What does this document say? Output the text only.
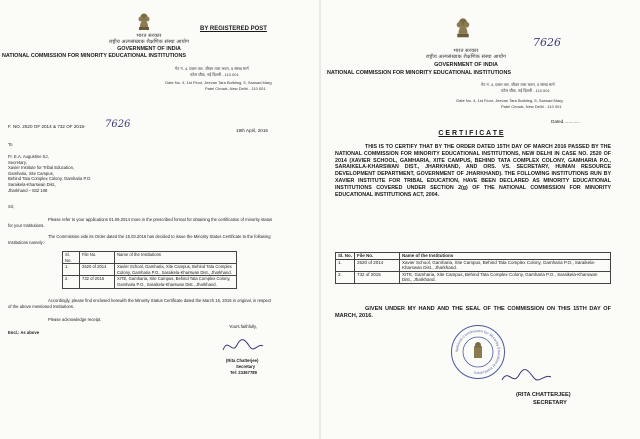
भारत सरकार
राष्ट्रीय अल्पसंख्यक शैक्षणिक संस्था आयोग
GOVERNMENT OF INDIA
NATIONAL COMMISSION FOR MINORITY EDUCATIONAL INSTITUTIONS
BY REGISTERED POST
गेट नं. 4, प्रथम तल, जीवन तारा भवन, 5 संसद मार्ग
पटेल चौक, नई दिल्ली - 110 001
Gate No. 4, 1st Floor, Jeevan Tara Building, 5, Sansad Marg
Patel Chowk, New Delhi - 110 001
F. NO. 2520 OF 2014 & 732 OF 2015- 7626
19th April, 2016
To
Fr. E.A. Augustine SJ,
Secretary,
Xavier Institute for Tribal Education,
Gamharia, Xite Campus,
Behind Tata Complex Colony, Gamharia P.O.
Saraikela-Kharswan Dist.,
Jharkhand – 832 108
Sir,
Please refer to your applications 01.09.2014 more in the prescribed format for obtaining the certification of minority status for your Institutions.
The Commission vide its Order dated the 15.03.2016 has decided to issue the Minority Status Certificate to the following Institutions namely:-
Sl. No.	File No.	Name of the Institutions
1.	2520 of 2014	Xavier School, Gamharia, Xite Campus, Behind Tata Complex Colony, Gamharia P.O., Saraikela-Kharswan Dist., Jharkhand.
2.	732 of 2015	XITE, Gamharia, Xite Campus, Behind Tata Complex Colony, Gamharia P.O., Saraikela-Kharswan Dist., Jharkhand.
Accordingly, please find enclosed herewith the Minority Status Certificate dated the March 15, 2016 in original, in respect of the above mentioned Institutions.
Please acknowledge receipt.
Yours faithfully,
Encl.: As above
(Rita Chatterjee)
Secretary
Tel: 23367789
7626
भारत सरकार
राष्ट्रीय अल्पसंख्यक शैक्षणिक संस्था आयोग
GOVERNMENT OF INDIA
NATIONAL COMMISSION FOR MINORITY EDUCATIONAL INSTITUTIONS
गेट नं. 4, प्रथम तल, जीवन तारा भवन, 5 संसद मार्ग
पटेल चौक, नई दिल्ली - 110 001
Gate No. 4, 1st Floor, Jeevan Tara Building, 5, Sansad Marg
Patel Chowk, New Delhi - 110 001
Dated.............
C E R T I F I C A T E
THIS IS TO CERTIFY THAT BY THE ORDER DATED 15TH DAY OF MARCH 2016 PASSED BY THE NATIONAL COMMISSION FOR MINORITY EDUCATIONAL INSTITUTIONS, NEW DELHI IN CASE NO. 2520 OF 2014 (XAVIER SCHOOL, GAMHARIA, XITE CAMPUS, BEHIND TATA COMPLEX COLONY, GAMHARIA P.O., SARAIKELA-KHARSWAN DIST., JHARKHAND, AND ORS. VS. SECRETARY, HUMAN RESOURCE DEVELOPMENT DEPARTMENT, GOVERNMENT OF JHARKHAND). THE FOLLOWING INSTITUTIONS RUN BY XAVIER INSTITUTE FOR TRIBAL EDUCATION, HAVE BEEN DECLARED AS MINORITY EDUCATIONAL INSTITUTIONS COVERED UNDER SECTION 2(g) OF THE NATIONAL COMMISSION FOR MINORITY EDUCATIONAL INSTITUTIONS ACT, 2004.
Sl. No.	File No.	Name of the Institutions
1.	2520 of 2014	Xavier School, Gamharia, Xite Campus, Behind Tata Complex Colony, Gamharia P.O., Saraikela-Kharswan Dist., Jharkhand.
2.	732 of 2015	XITE, Gamharia, Xite Campus, Behind Tata Complex Colony, Gamharia P.O., Saraikela-Kharswan Dist., Jharkhand.
GIVEN UNDER MY HAND AND THE SEAL OF THE COMMISSION ON THIS 15TH DAY OF MARCH, 2016.
National Commission for Minority Educational Institutions
(RITA CHATTERJEE)
SECRETARY
